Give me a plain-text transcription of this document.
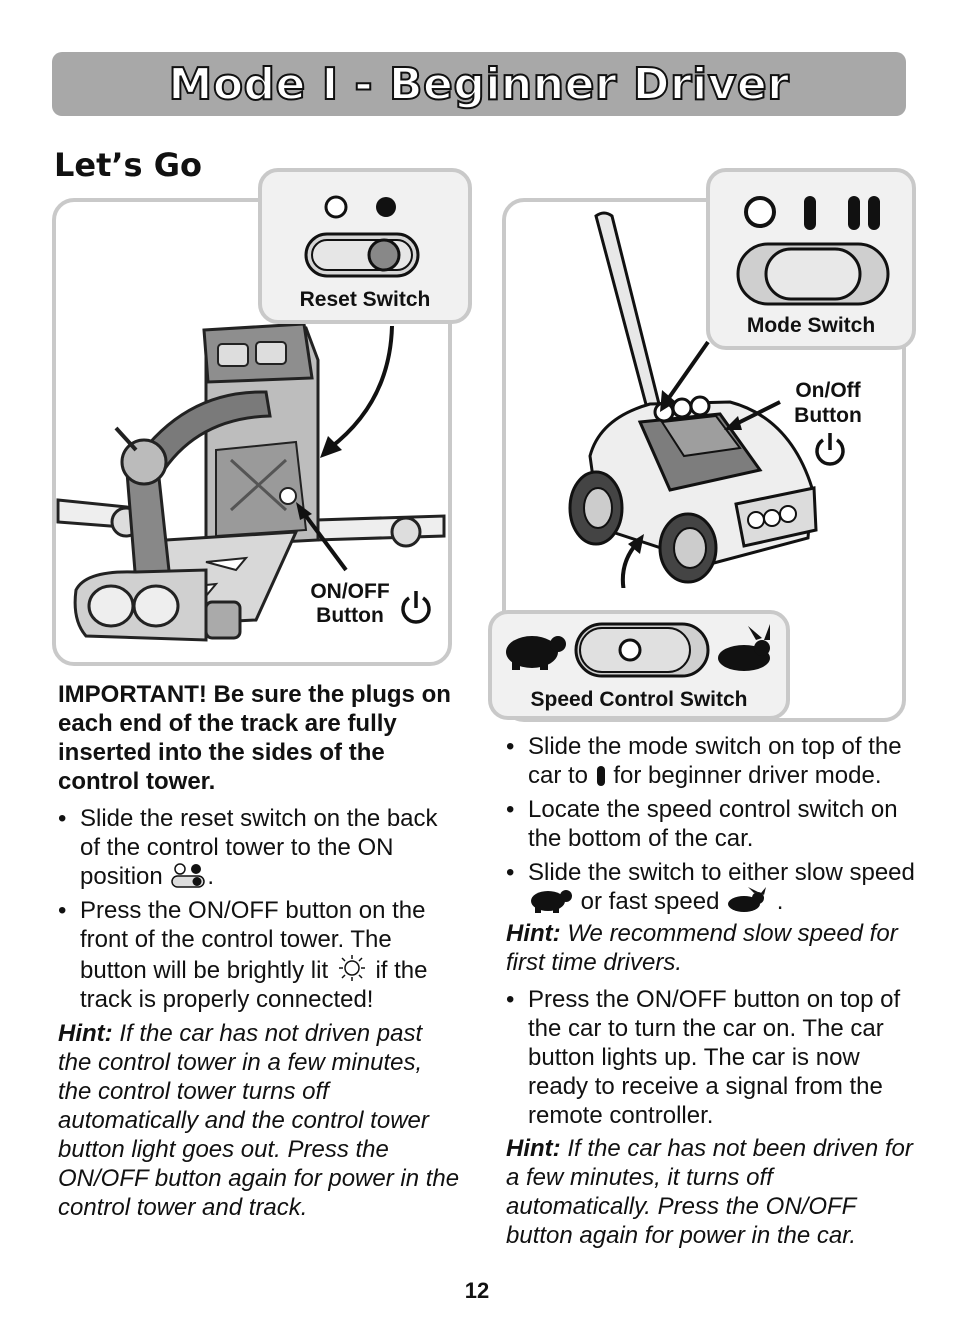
Mode I - Beginner Driver
Let’s Go
Reset Switch
ON/OFF
Button
Mode Switch
On/Off
Button
Speed Control Switch

IMPORTANT! Be sure the plugs on each end of the track are fully inserted into the sides of the control tower.

• Slide the reset switch on the back of the control tower to the ON position .

• Press the ON/OFF button on the front of the control tower. The button will be brightly lit if the track is properly connected!

Hint: If the car has not driven past the control tower in a few minutes, the control tower turns off automatically and the control tower button light goes out. Press the ON/OFF button again for power in the control tower and track.

• Slide the mode switch on top of the car to for beginner driver mode.

• Locate the speed control switch on the bottom of the car.

• Slide the switch to either slow speed  or fast speed .

Hint: We recommend slow speed for first time drivers.

• Press the ON/OFF button on top of the car to turn the car on. The car button lights up. The car is now ready to receive a signal from the remote controller.

Hint: If the car has not been driven for a few minutes, it turns off automatically. Press the ON/OFF button again for power in the car.

12
